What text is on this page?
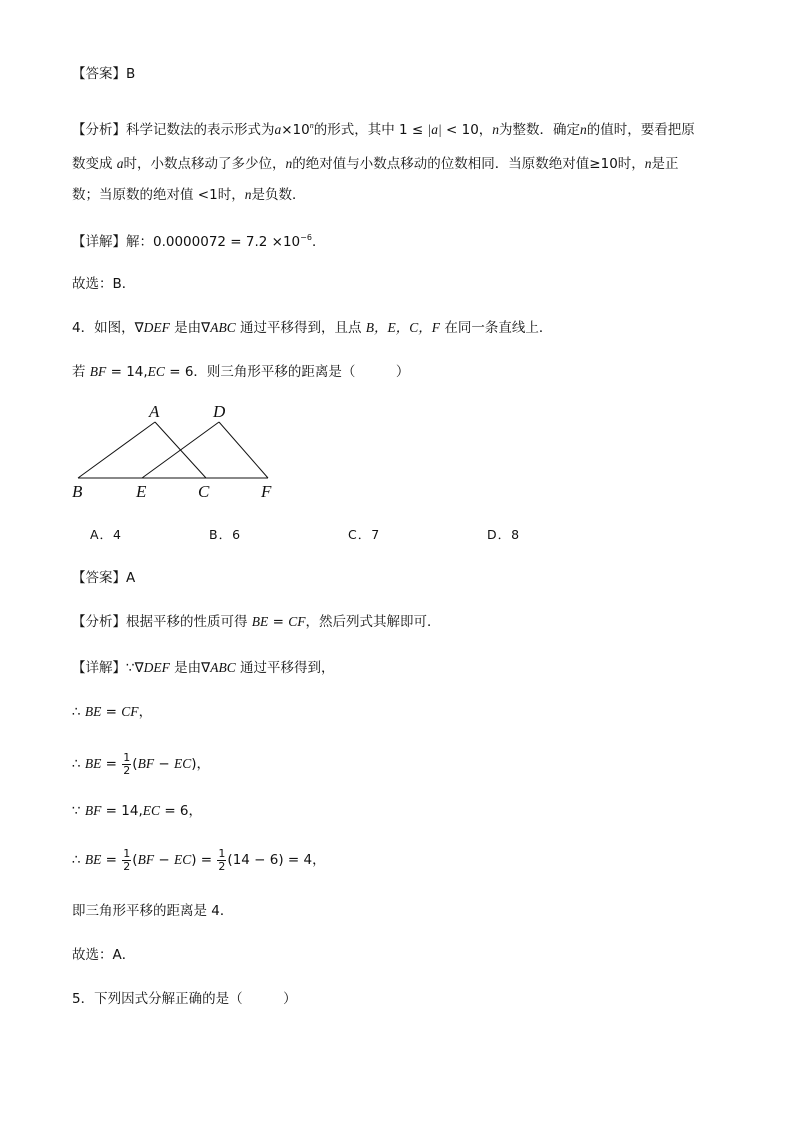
【答案】B
【分析】科学记数法的表示形式为$a\times 10^n$的形式，其中 1 ≤ |a| < 10，n为整数．确定n的值时，要看把原
数变成 a时，小数点移动了多少位，n的绝对值与小数点移动的位数相同．当原数绝对值≥10时，n是正
数；当原数的绝对值 <1时，n是负数．
【详解】解：$0.0000072 = 7.2 \times 10^{-6}$．
故选：B．
4．如图，∇DEF 是由∇ABC 通过平移得到，且点 B，E，C，F 在同一条直线上．
若 BF = 14,EC = 6．则三角形平移的距离是（　　　）
A	D
B	E	C	F
A．4	B．6	C．7	D．8
【答案】A
【分析】根据平移的性质可得 BE = CF，然后列式其解即可．
【详解】∵∇DEF 是由∇ABC 通过平移得到，
∴ BE = CF，
∴ BE = $\frac{1}{2} (BF - EC)$，
∵ BF = 14,EC = 6，
∴ BE = $\frac{1}{2} (BF - EC) = \frac{1}{2} (14 - 6) = 4$，
即三角形平移的距离是 4．
故选：A．
5．下列因式分解正确的是（　　　）
